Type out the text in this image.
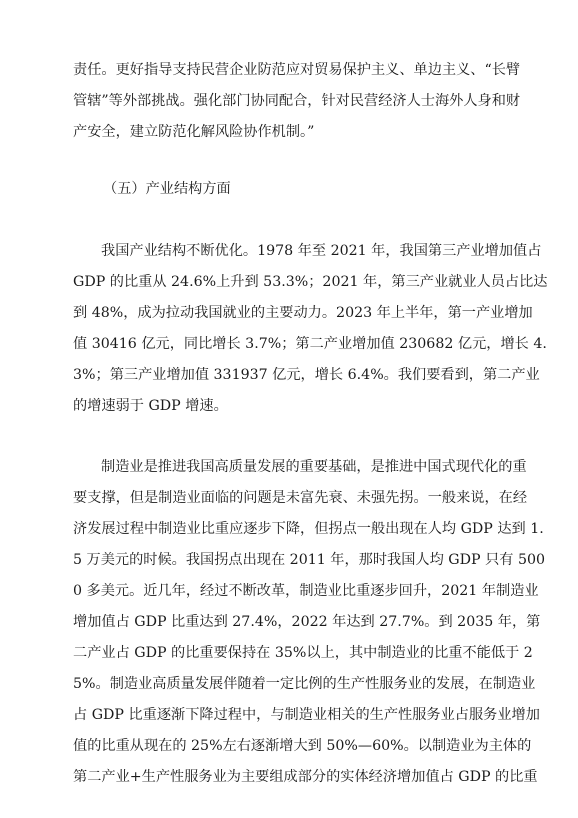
责任。更好指导支持民营企业防范应对贸易保护主义、单边主义、“长臂
管辖”等外部挑战。强化部门协同配合，针对民营经济人士海外人身和财
产安全，建立防范化解风险协作机制。”
（五）产业结构方面
我国产业结构不断优化。1978 年至 2021 年，我国第三产业增加值占
GDP 的比重从 24.6%上升到 53.3%；2021 年，第三产业就业人员占比达
到 48%，成为拉动我国就业的主要动力。2023 年上半年，第一产业增加
值 30416 亿元，同比增长 3.7%；第二产业增加值 230682 亿元，增长 4.
3%；第三产业增加值 331937 亿元，增长 6.4%。我们要看到，第二产业
的增速弱于 GDP 增速。
制造业是推进我国高质量发展的重要基础，是推进中国式现代化的重
要支撑，但是制造业面临的问题是未富先衰、未强先拐。一般来说，在经
济发展过程中制造业比重应逐步下降，但拐点一般出现在人均 GDP 达到 1.
5 万美元的时候。我国拐点出现在 2011 年，那时我国人均 GDP 只有 500
0 多美元。近几年，经过不断改革，制造业比重逐步回升，2021 年制造业
增加值占 GDP 比重达到 27.4%，2022 年达到 27.7%。到 2035 年，第
二产业占 GDP 的比重要保持在 35%以上，其中制造业的比重不能低于 2
5%。制造业高质量发展伴随着一定比例的生产性服务业的发展，在制造业
占 GDP 比重逐渐下降过程中，与制造业相关的生产性服务业占服务业增加
值的比重从现在的 25%左右逐渐增大到 50%—60%。以制造业为主体的
第二产业+生产性服务业为主要组成部分的实体经济增加值占 GDP 的比重
